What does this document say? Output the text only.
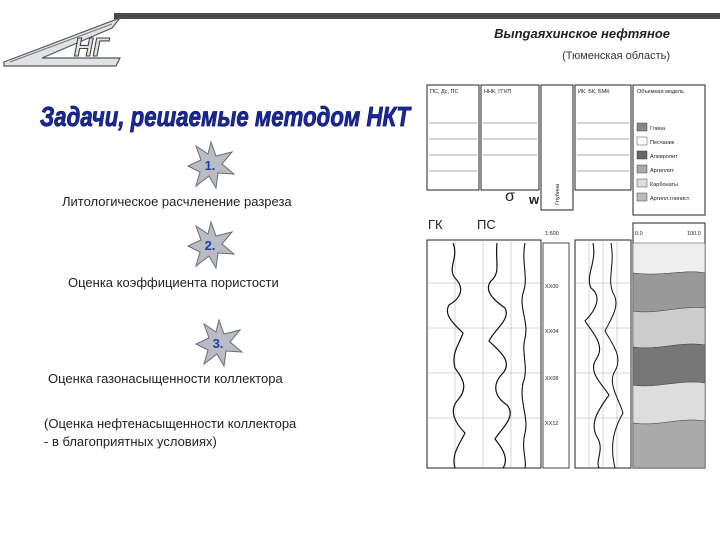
НГ	Выngaяхинское нефтяное
(Тюменская область)
Задачи, решаемые методом НКТ
1.
Литологическое расчленение разреза
2.
Оценка коэффициента пористости
3.
Оценка газонасыщенности коллектора
(Оценка нефтенасыщенности коллектора
- в благоприятных условиях)
ПС, Дс, ПС	ННК, ГГКП	ИК, БК, БМК	Объемная модель
Глубина
Глина
Песчаник
Алевролит
Аргиллит
Карбонаты
Аргилл.глинист.
1:500	0.0	100.0
XX00
XX04
XX08
XX12
ГК	ПС
σ w
